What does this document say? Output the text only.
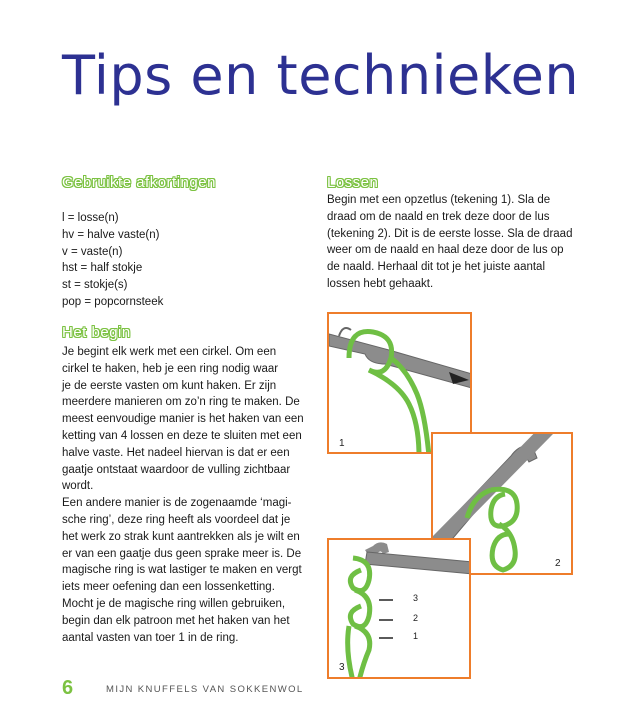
Tips en technieken
Gebruikte afkortingen
l = losse(n)
hv = halve vaste(n)
v = vaste(n)
hst = half stokje
st = stokje(s)
pop = popcornsteek
Het begin

Je begint elk werk met een cirkel. Om een
cirkel te haken, heb je een ring nodig waar
je de eerste vasten om kunt haken. Er zijn
meerdere manieren om zo’n ring te maken. De
meest eenvoudige manier is het haken van een
ketting van 4 lossen en deze te sluiten met een
halve vaste. Het nadeel hiervan is dat er een
gaatje ontstaat waardoor de vulling zichtbaar
wordt.
Een andere manier is de zogenaamde ‘magi-
sche ring’, deze ring heeft als voordeel dat je
het werk zo strak kunt aantrekken als je wilt en
er van een gaatje dus geen sprake meer is. De
magische ring is wat lastiger te maken en vergt
iets meer oefening dan een lossenketting.
Mocht je de magische ring willen gebruiken,
begin dan elk patroon met het haken van het
aantal vasten van toer 1 in de ring.

Lossen

Begin met een opzetlus (tekening 1). Sla de
draad om de naald en trek deze door de lus
(tekening 2). Dit is de eerste losse. Sla de draad
weer om de naald en haal deze door de lus op
de naald. Herhaal dit tot je het juiste aantal
lossen hebt gehaakt.

1
2
3
2
1
3
6	MIJN KNUFFELS VAN SOKKENWOL
